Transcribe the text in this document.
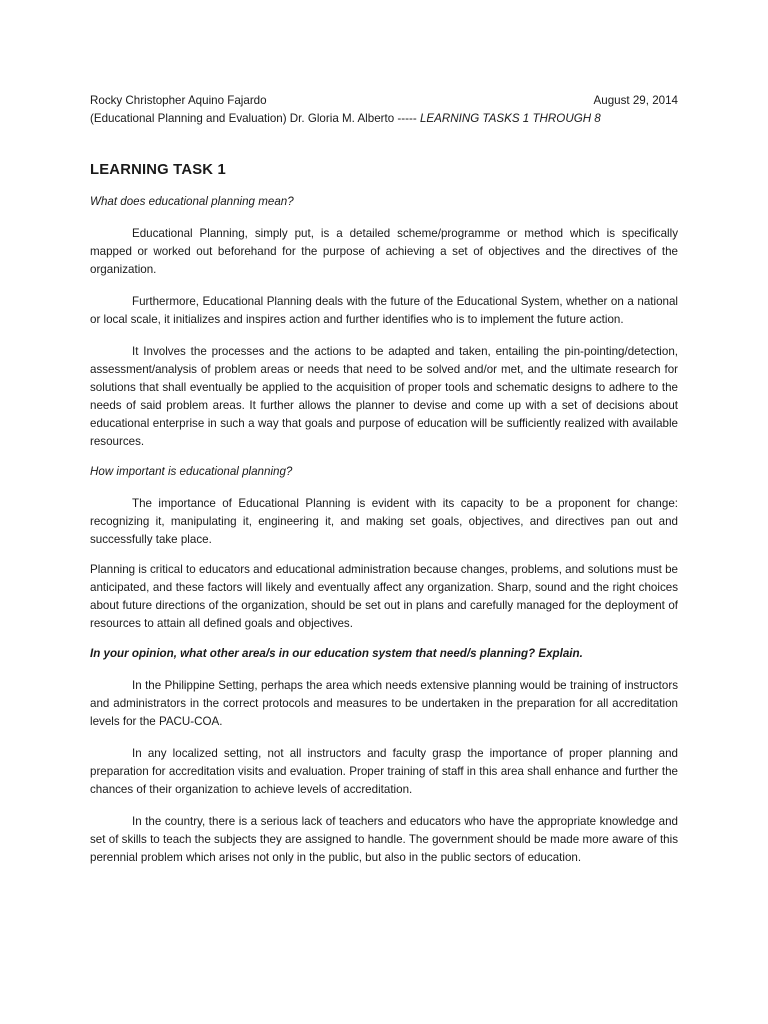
Rocky Christopher Aquino Fajardo	August 29, 2014
(Educational Planning and Evaluation) Dr. Gloria M. Alberto ----- LEARNING TASKS 1 THROUGH 8
LEARNING TASK 1
What does educational planning mean?

Educational Planning, simply put, is a detailed scheme/programme or method which is specifically mapped or worked out beforehand for the purpose of achieving a set of objectives and the directives of the organization.

Furthermore, Educational Planning deals with the future of the Educational System, whether on a national or local scale, it initializes and inspires action and further identifies who is to implement the future action.

It Involves the processes and the actions to be adapted and taken, entailing the pin-pointing/detection, assessment/analysis of problem areas or needs that need to be solved and/or met, and the ultimate research for solutions that shall eventually be applied to the acquisition of proper tools and schematic designs to adhere to the needs of said problem areas. It further allows the planner to devise and come up with a set of decisions about educational enterprise in such a way that goals and purpose of education will be sufficiently realized with available resources.

How important is educational planning?

The importance of Educational Planning is evident with its capacity to be a proponent for change: recognizing it, manipulating it, engineering it, and making set goals, objectives, and directives pan out and successfully take place.

Planning is critical to educators and educational administration because changes, problems, and solutions must be anticipated, and these factors will likely and eventually affect any organization. Sharp, sound and the right choices about future directions of the organization, should be set out in plans and carefully managed for the deployment of resources to attain all defined goals and objectives.

In your opinion, what other area/s in our education system that need/s planning? Explain.

In the Philippine Setting, perhaps the area which needs extensive planning would be training of instructors and administrators in the correct protocols and measures to be undertaken in the preparation for all accreditation levels for the PACU-COA.

In any localized setting, not all instructors and faculty grasp the importance of proper planning and preparation for accreditation visits and evaluation. Proper training of staff in this area shall enhance and further the chances of their organization to achieve levels of accreditation.

In the country, there is a serious lack of teachers and educators who have the appropriate knowledge and set of skills to teach the subjects they are assigned to handle. The government should be made more aware of this perennial problem which arises not only in the public, but also in the public sectors of education.
